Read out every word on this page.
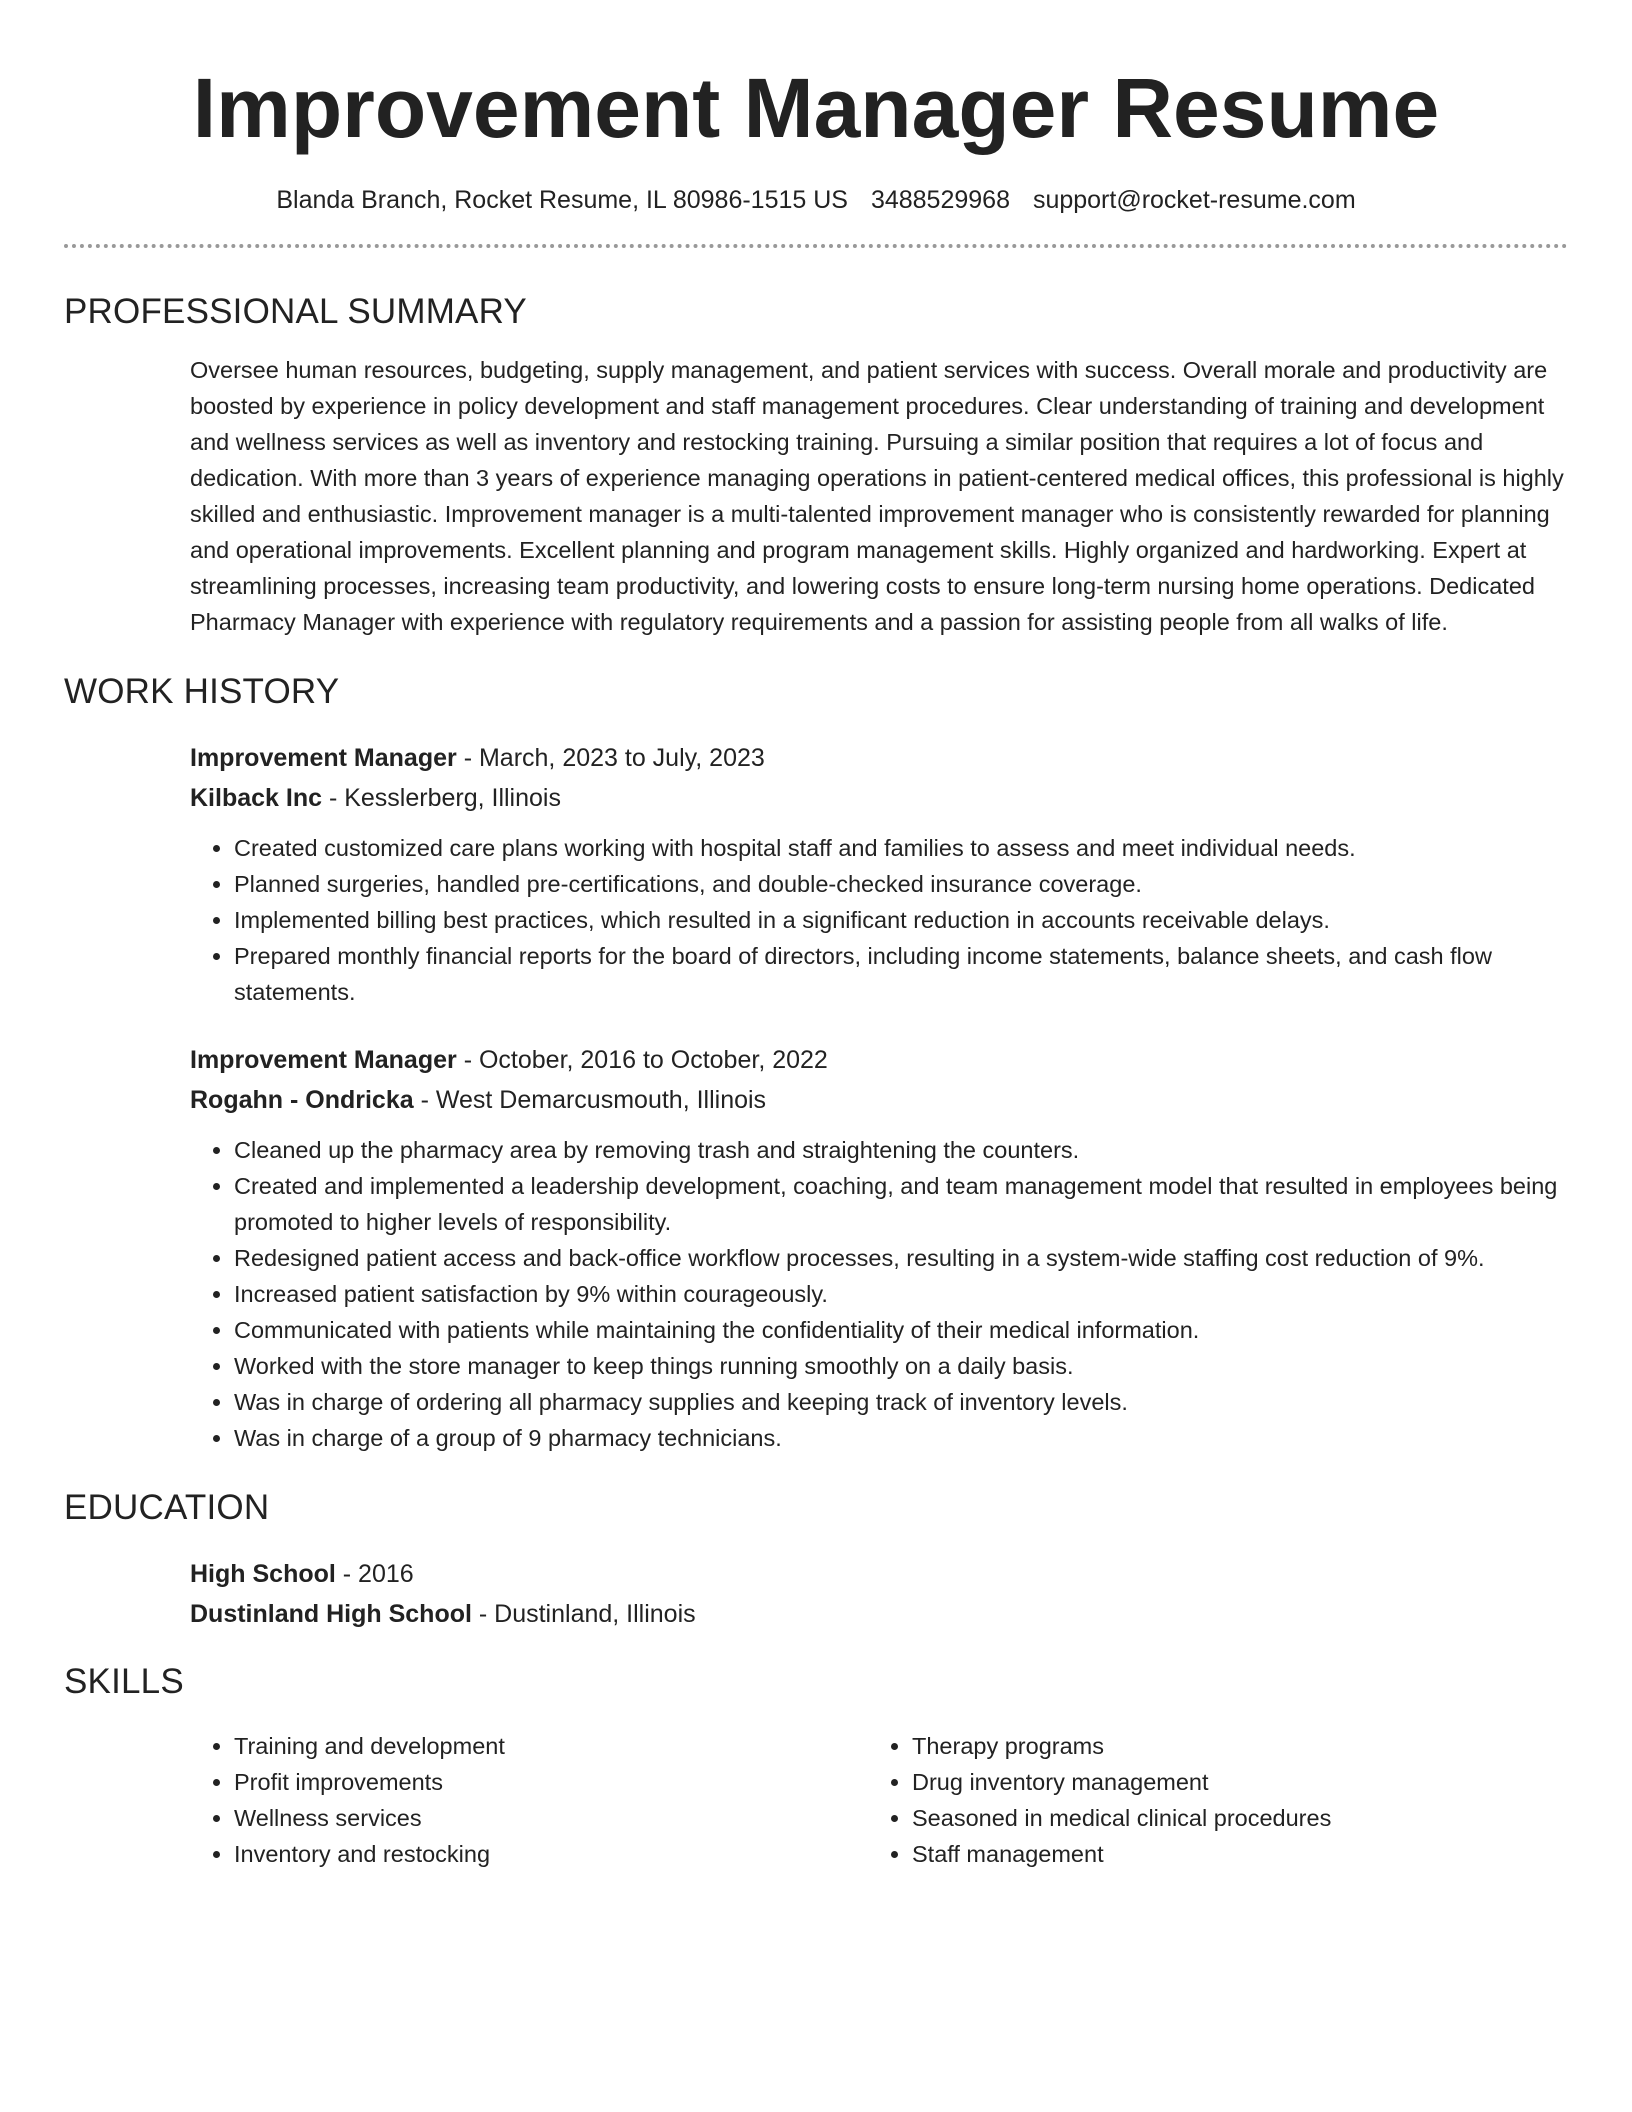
Improvement Manager Resume
Blanda Branch, Rocket Resume, IL 80986-1515 US 3488529968 support@rocket-resume.com
PROFESSIONAL SUMMARY

Oversee human resources, budgeting, supply management, and patient services with success. Overall morale and productivity are boosted by experience in policy development and staff management procedures. Clear understanding of training and development and wellness services as well as inventory and restocking training. Pursuing a similar position that requires a lot of focus and dedication. With more than 3 years of experience managing operations in patient-centered medical offices, this professional is highly skilled and enthusiastic. Improvement manager is a multi-talented improvement manager who is consistently rewarded for planning and operational improvements. Excellent planning and program management skills. Highly organized and hardworking. Expert at streamlining processes, increasing team productivity, and lowering costs to ensure long-term nursing home operations. Dedicated Pharmacy Manager with experience with regulatory requirements and a passion for assisting people from all walks of life.

WORK HISTORY
Improvement Manager - March, 2023 to July, 2023
Kilback Inc - Kesslerberg, Illinois
• Created customized care plans working with hospital staff and families to assess and meet individual needs.
• Planned surgeries, handled pre-certifications, and double-checked insurance coverage.
• Implemented billing best practices, which resulted in a significant reduction in accounts receivable delays.
• Prepared monthly financial reports for the board of directors, including income statements, balance sheets, and cash flow statements.
Improvement Manager - October, 2016 to October, 2022
Rogahn - Ondricka - West Demarcusmouth, Illinois
• Cleaned up the pharmacy area by removing trash and straightening the counters.
• Created and implemented a leadership development, coaching, and team management model that resulted in employees being promoted to higher levels of responsibility.
• Redesigned patient access and back-office workflow processes, resulting in a system-wide staffing cost reduction of 9%.
• Increased patient satisfaction by 9% within courageously.
• Communicated with patients while maintaining the confidentiality of their medical information.
• Worked with the store manager to keep things running smoothly on a daily basis.
• Was in charge of ordering all pharmacy supplies and keeping track of inventory levels.
• Was in charge of a group of 9 pharmacy technicians.
EDUCATION
High School - 2016
Dustinland High School - Dustinland, Illinois
SKILLS
• Training and development
• Profit improvements
• Wellness services
• Inventory and restocking
• Therapy programs
• Drug inventory management
• Seasoned in medical clinical procedures
• Staff management
